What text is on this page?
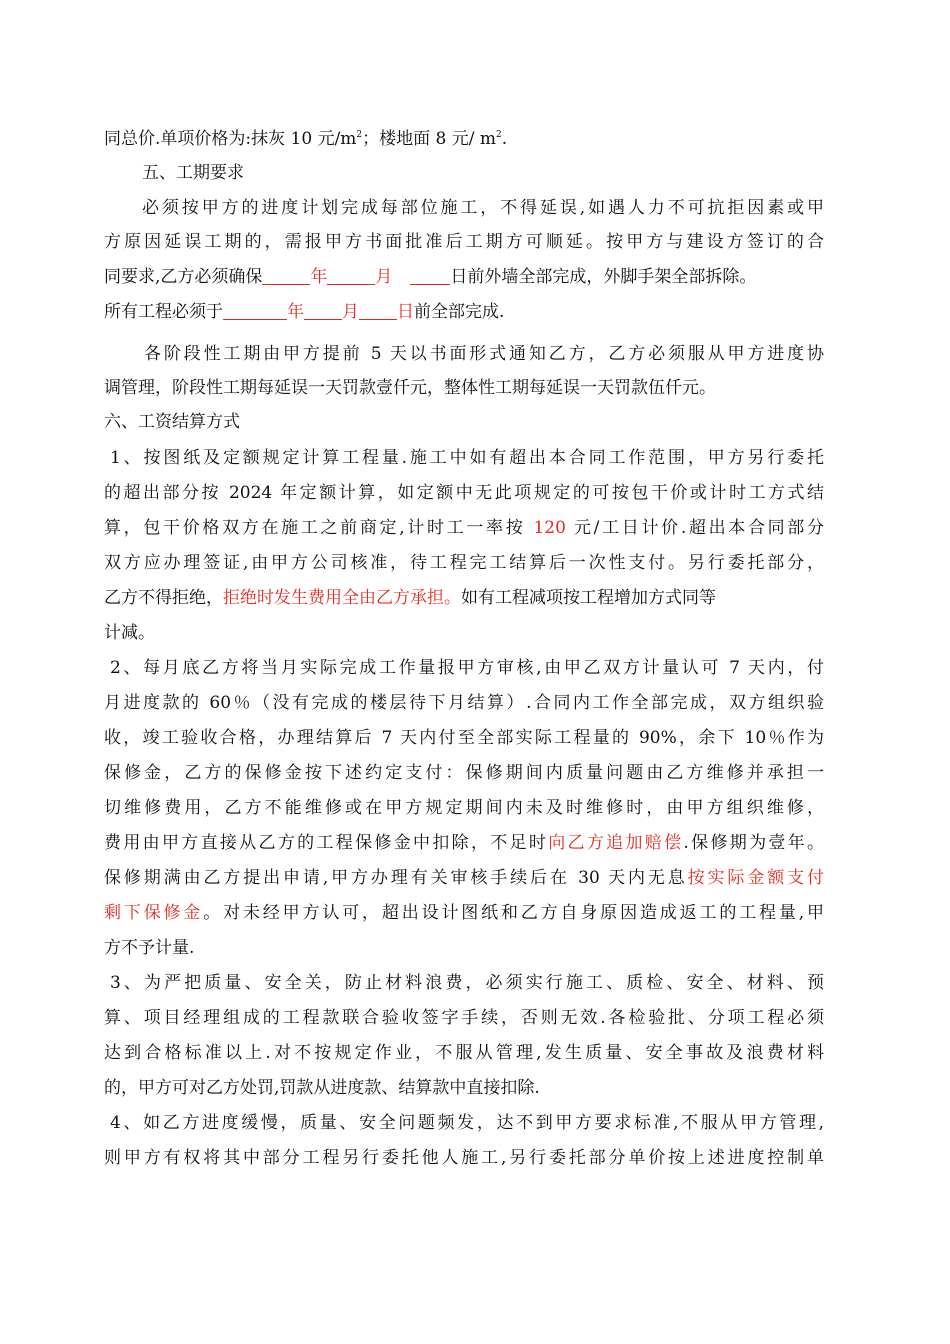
同总价.单项价格为:抹灰 10 元$/m^2$；楼地面 8 元/ $m^2$.

五、工期要求

必须按甲方的进度计划完成每部位施工，不得延误,如遇人力不可抗拒因素或甲

方原因延误工期的，需报甲方书面批准后工期方可顺延。按甲方与建设方签订的合

同要求,乙方必须确保	年	月	日前外墙全部完成，外脚手架全部拆除。

所有工程必须于	年 月 日前全部完成.

各阶段性工期由甲方提前 5 天以书面形式通知乙方，乙方必须服从甲方进度协

调管理，阶段性工期每延误一天罚款壹仟元，整体性工期每延误一天罚款伍仟元。

六、工资结算方式

1、按图纸及定额规定计算工程量.施工中如有超出本合同工作范围，甲方另行委托

的超出部分按 2024 年定额计算，如定额中无此项规定的可按包干价或计时工方式结

算，包干价格双方在施工之前商定,计时工一率按 120 元/工日计价.超出本合同部分

双方应办理签证,由甲方公司核准，待工程完工结算后一次性支付。另行委托部分，

乙方不得拒绝，拒绝时发生费用全由乙方承担。如有工程减项按工程增加方式同等

计减。

2、每月底乙方将当月实际完成工作量报甲方审核,由甲乙双方计量认可 7 天内，付

月进度款的 60％（没有完成的楼层待下月结算）.合同内工作全部完成，双方组织验

收，竣工验收合格，办理结算后 7 天内付至全部实际工程量的 90%，余下 10％作为

保修金，乙方的保修金按下述约定支付：保修期间内质量问题由乙方维修并承担一

切维修费用，乙方不能维修或在甲方规定期间内未及时维修时，由甲方组织维修，

费用由甲方直接从乙方的工程保修金中扣除，不足时向乙方追加赔偿.保修期为壹年。

保修期满由乙方提出申请,甲方办理有关审核手续后在 30 天内无息按实际金额支付

剩下保修金。对未经甲方认可，超出设计图纸和乙方自身原因造成返工的工程量,甲

方不予计量.

3、为严把质量、安全关，防止材料浪费，必须实行施工、质检、安全、材料、预

算、项目经理组成的工程款联合验收签字手续，否则无效.各检验批、分项工程必须

达到合格标准以上.对不按规定作业，不服从管理,发生质量、安全事故及浪费材料

的，甲方可对乙方处罚,罚款从进度款、结算款中直接扣除.

4、如乙方进度缓慢，质量、安全问题频发，达不到甲方要求标准,不服从甲方管理,

则甲方有权将其中部分工程另行委托他人施工,另行委托部分单价按上述进度控制单
